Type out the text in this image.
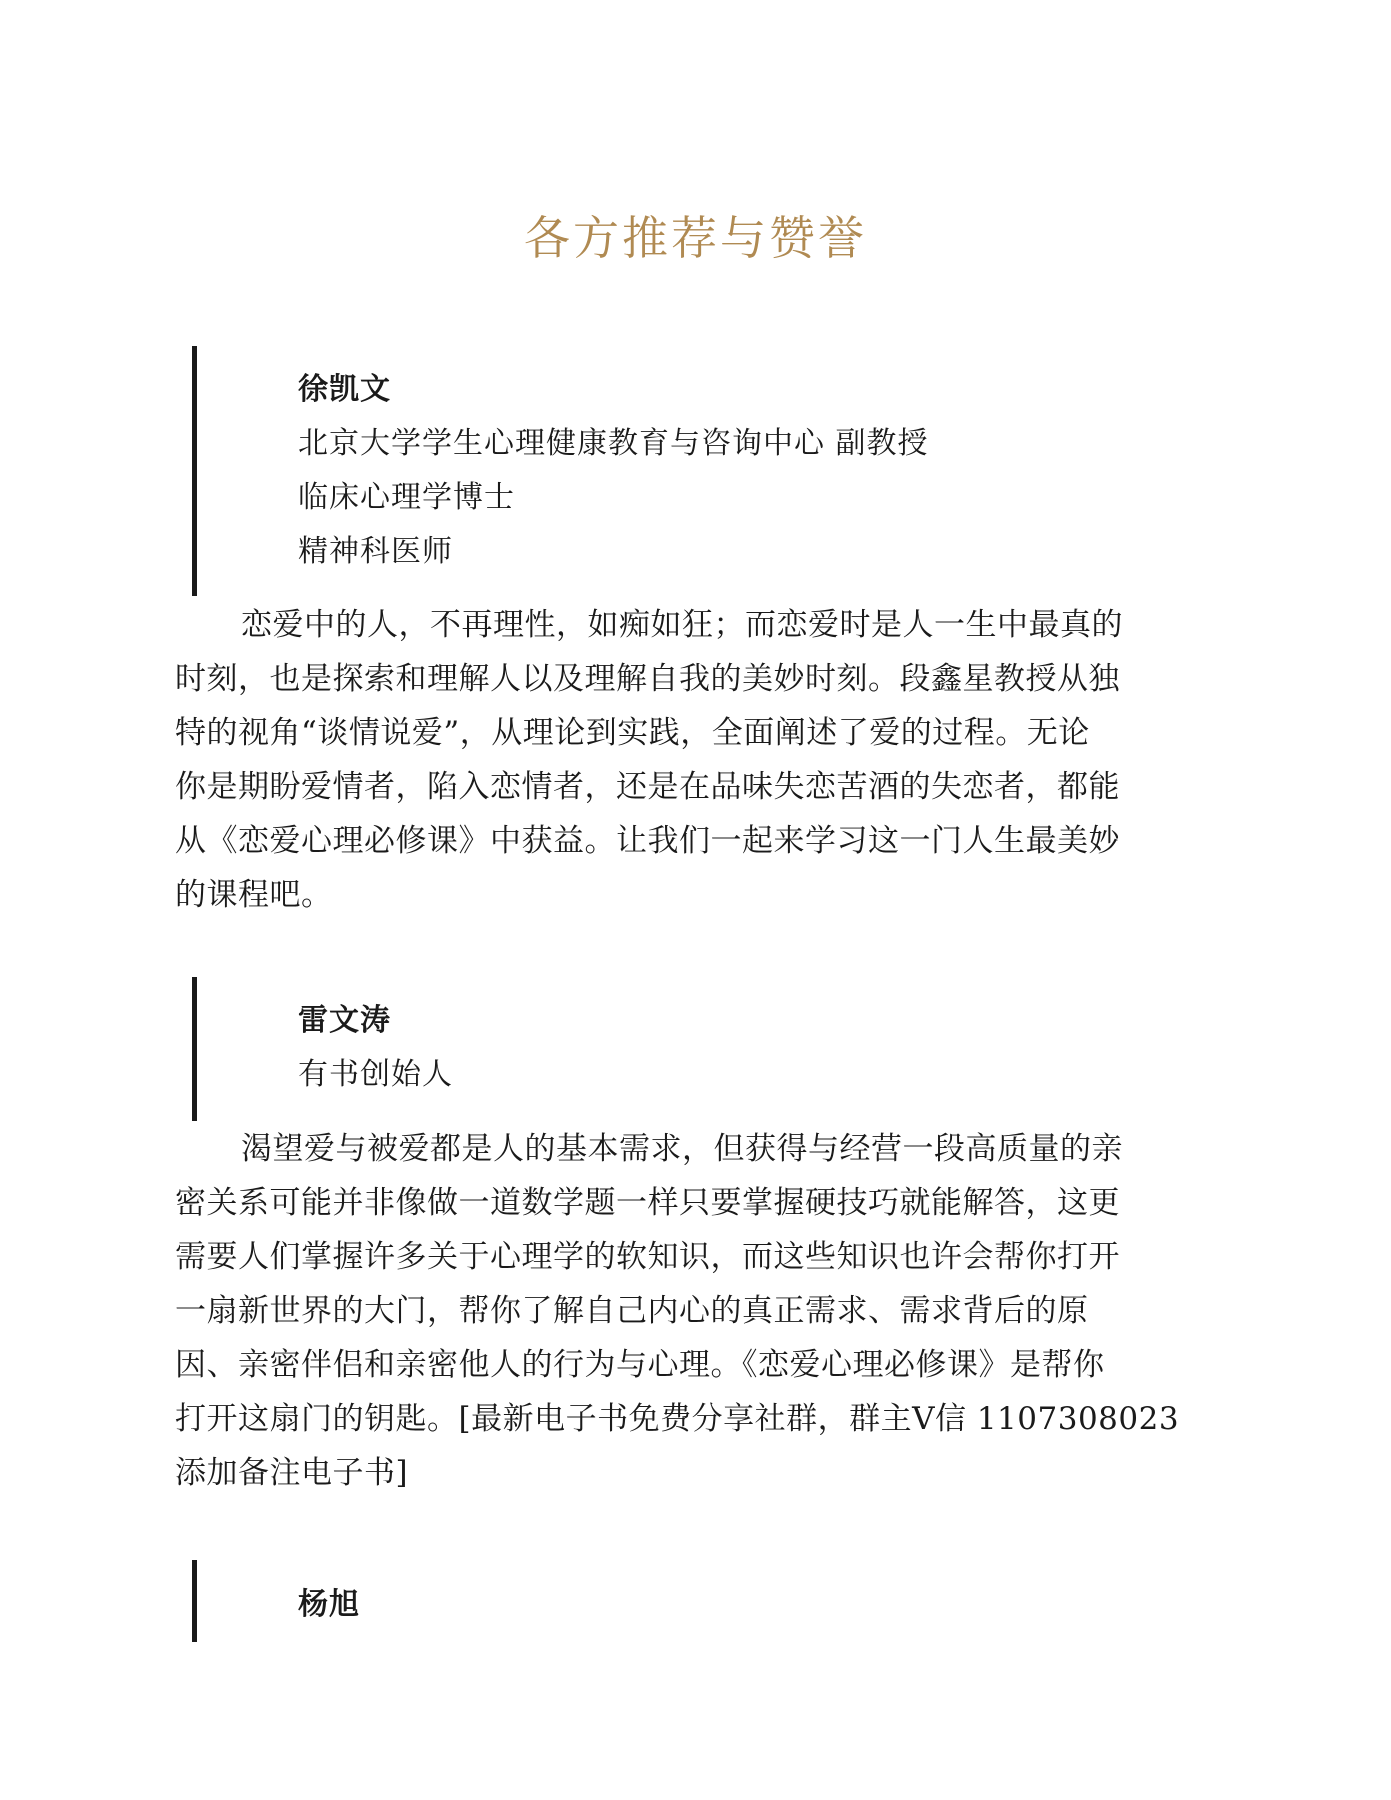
各方推荐与赞誉
徐凯文
北京大学学生心理健康教育与咨询中心 副教授
临床心理学博士
精神科医师
恋爱中的人，不再理性，如痴如狂；而恋爱时是人一生中最真的
时刻，也是探索和理解人以及理解自我的美妙时刻。段鑫星教授从独
特的视角“谈情说爱”，从理论到实践，全面阐述了爱的过程。无论
你是期盼爱情者，陷入恋情者，还是在品味失恋苦酒的失恋者，都能
从《恋爱心理必修课》中获益。让我们一起来学习这一门人生最美妙
的课程吧。
雷文涛
有书创始人
渴望爱与被爱都是人的基本需求，但获得与经营一段高质量的亲
密关系可能并非像做一道数学题一样只要掌握硬技巧就能解答，这更
需要人们掌握许多关于心理学的软知识，而这些知识也许会帮你打开
一扇新世界的大门，帮你了解自己内心的真正需求、需求背后的原
因、亲密伴侣和亲密他人的行为与心理。《恋爱心理必修课》是帮你
打开这扇门的钥匙。[最新电子书免费分享社群，群主V信 1107308023
添加备注电子书]
杨旭
